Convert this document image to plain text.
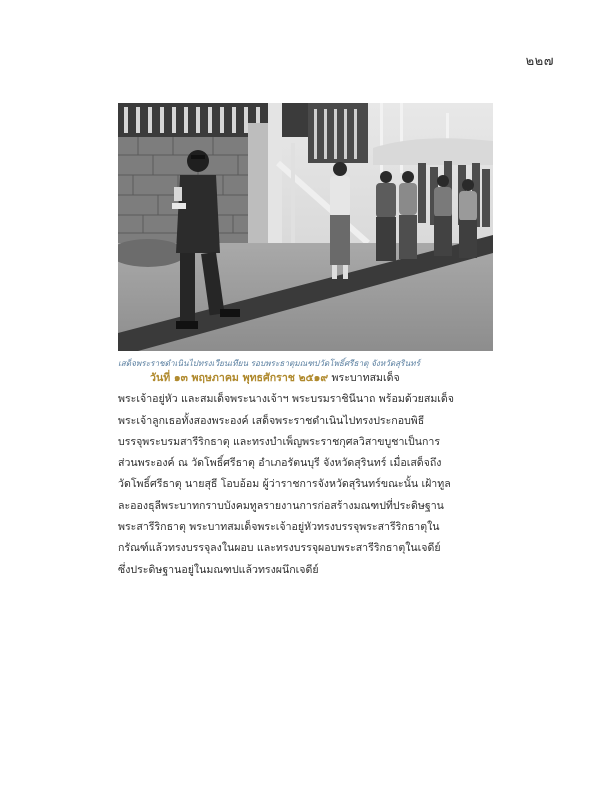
๒๒๗
เสด็จพระราชดำเนินไปทรงเวียนเทียน รอบพระธาตุมณฑปวัดโพธิ์ศรีธาตุ จังหวัดสุรินทร์

วันที่ ๑๓ พฤษภาคม พุทธศักราช ๒๕๑๙ พระบาทสมเด็จ

พระเจ้าอยู่หัว และสมเด็จพระนางเจ้าฯ พระบรมราชินีนาถ พร้อมด้วยสมเด็จ

พระเจ้าลูกเธอทั้งสองพระองค์ เสด็จพระราชดำเนินไปทรงประกอบพิธี

บรรจุพระบรมสารีริกธาตุ และทรงบำเพ็ญพระราชกุศลวิสาขบูชาเป็นการ

ส่วนพระองค์ ณ วัดโพธิ์ศรีธาตุ อำเภอรัตนบุรี จังหวัดสุรินทร์ เมื่อเสด็จถึง

วัดโพธิ์ศรีธาตุ นายสุธี โอบอ้อม ผู้ว่าราชการจังหวัดสุรินทร์ขณะนั้น เฝ้าทูล

ละอองธุลีพระบาทกราบบังคมทูลรายงานการก่อสร้างมณฑปที่ประดิษฐาน

พระสารีริกธาตุ พระบาทสมเด็จพระเจ้าอยู่หัวทรงบรรจุพระสารีริกธาตุใน

กรัณฑ์แล้วทรงบรรจุลงในผอบ และทรงบรรจุผอบพระสารีริกธาตุในเจดีย์

ซึ่งประดิษฐานอยู่ในมณฑปแล้วทรงผนึกเจดีย์
